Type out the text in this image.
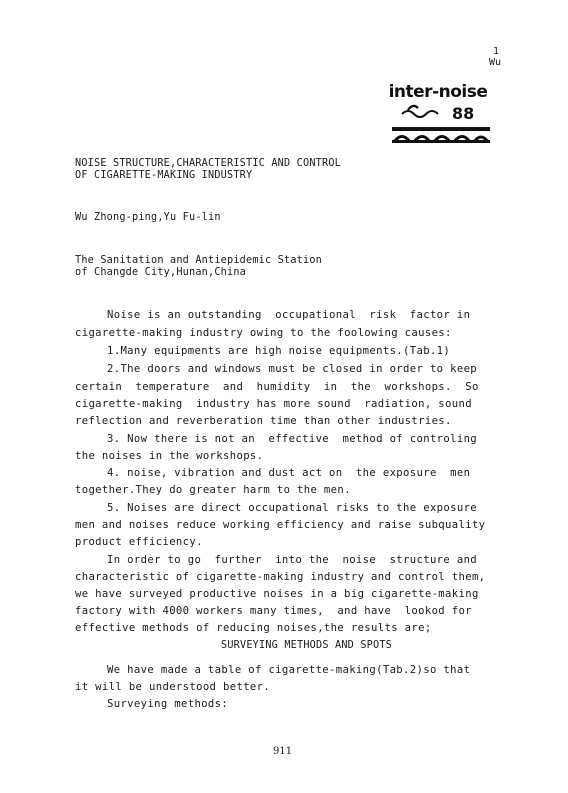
1
Wu
inter-noise
88
NOISE STRUCTURE,CHARACTERISTIC AND CONTROL
OF CIGARETTE-MAKING INDUSTRY
Wu Zhong-ping,Yu Fu-lin
The Sanitation and Antiepidemic Station
of Changde City,Hunan,China
Noise is an outstanding  occupational  risk  factor in
cigarette-making industry owing to the foolowing causes:
1.Many equipments are high noise equipments.(Tab.1)
2.The doors and windows must be closed in order to keep
certain  temperature  and  humidity  in  the  workshops.  So
cigarette-making  industry has more sound  radiation, sound
reflection and reverberation time than other industries.
3. Now there is not an  effective  method of controling
the noises in the workshops.
4. noise, vibration and dust act on  the exposure  men
together.They do greater harm to the men.
5. Noises are direct occupational risks to the exposure
men and noises reduce working efficiency and raise subquality
product efficiency.
In order to go  further  into the  noise  structure and
characteristic of cigarette-making industry and control them,
we have surveyed productive noises in a big cigarette-making
factory with 4000 workers many times,  and have  lookod for
effective methods of reducing noises,the results are;
SURVEYING METHODS AND SPOTS
We have made a table of cigarette-making(Tab.2)so that
it will be understood better.
Surveying methods:
911
